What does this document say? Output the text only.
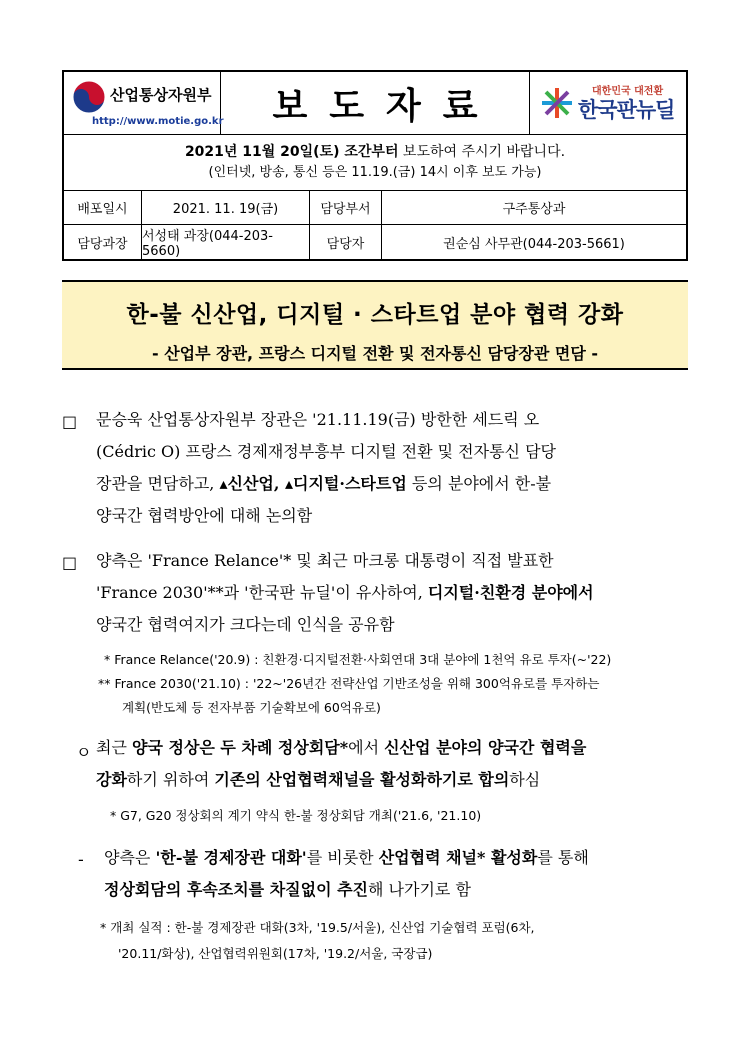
산업통상자원부
http://www.motie.go.kr	보도자료	대한민국 대전환
한국판뉴딜
2021년 11월 20일(토) 조간부터 보도하여 주시기 바랍니다.
(인터넷, 방송, 통신 등은 11.19.(금) 14시 이후 보도 가능)
배포일시	2021. 11. 19(금)	담당부서	구주통상과
담당과장	서성태 과장(044-203-5660)	담당자	권순심 사무관(044-203-5661)
한-불 신산업, 디지털 · 스타트업 분야 협력 강화
- 산업부 장관, 프랑스 디지털 전환 및 전자통신 담당장관 면담 -
□ 문승욱 산업통상자원부 장관은 '21.11.19(금) 방한한 세드릭 오
(Cédric O) 프랑스 경제재정부흥부 디지털 전환 및 전자통신 담당
장관을 면담하고, ▴신산업, ▴디지털·스타트업 등의 분야에서 한-불
양국간 협력방안에 대해 논의함
□ 양측은 'France Relance'* 및 최근 마크롱 대통령이 직접 발표한
'France 2030'**과 '한국판 뉴딜'이 유사하여, 디지털·친환경 분야에서
양국간 협력여지가 크다는데 인식을 공유함
* France Relance('20.9) : 친환경·디지털전환·사회연대 3대 분야에 1천억 유로 투자(~'22)
** France 2030('21.10) : '22~'26년간 전략산업 기반조성을 위해 300억유로를 투자하는
계획(반도체 등 전자부품 기술확보에 60억유로)
ㅇ 최근 양국 정상은 두 차례 정상회담*에서 신산업 분야의 양국간 협력을
강화하기 위하여 기존의 산업협력채널을 활성화하기로 합의하심
* G7, G20 정상회의 계기 약식 한-불 정상회담 개최('21.6, '21.10)
- 양측은 '한-불 경제장관 대화'를 비롯한 산업협력 채널* 활성화를 통해
정상회담의 후속조치를 차질없이 추진해 나가기로 함
* 개최 실적 : 한-불 경제장관 대화(3차, '19.5/서울), 신산업 기술협력 포럼(6차,
'20.11/화상), 산업협력위원회(17차, '19.2/서울, 국장급)
